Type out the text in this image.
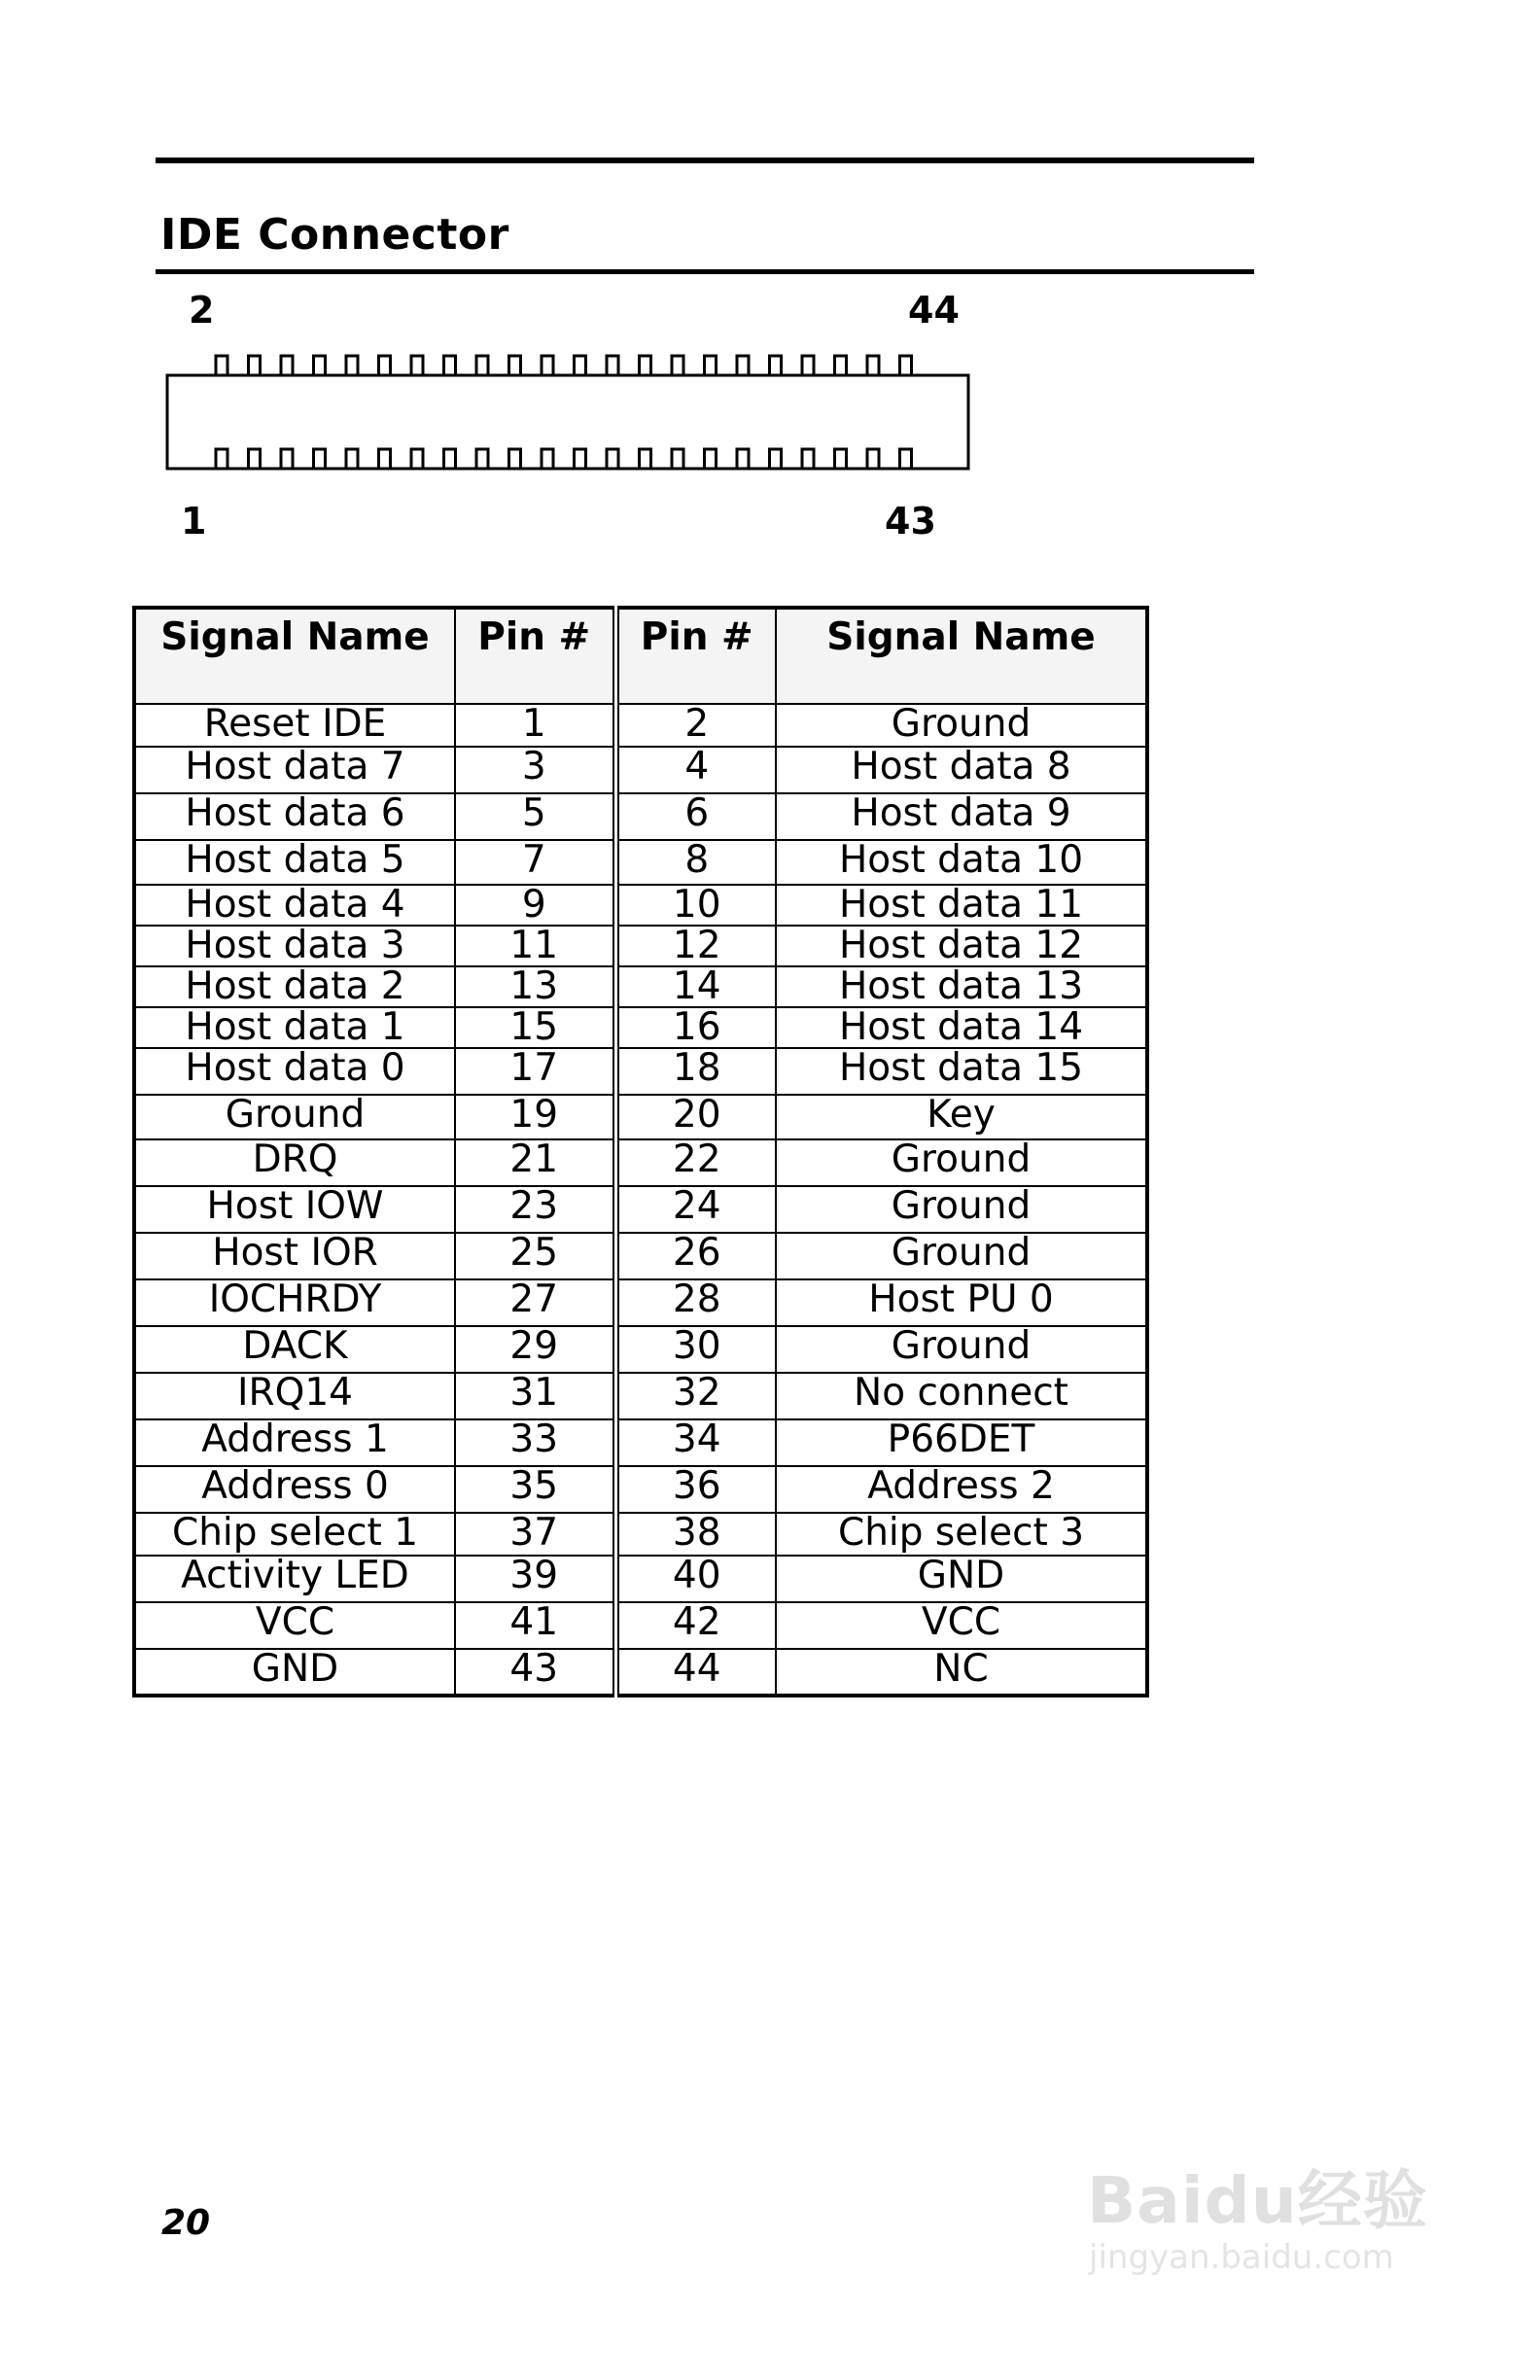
IDE Connector
2	44
1	43
Signal Name	Pin #	Pin #	Signal Name
Reset IDE	1	2	Ground
Host data 7	3	4	Host data 8
Host data 6	5	6	Host data 9
Host data 5	7	8	Host data 10
Host data 4	9	10	Host data 11
Host data 3	11	12	Host data 12
Host data 2	13	14	Host data 13
Host data 1	15	16	Host data 14
Host data 0	17	18	Host data 15
Ground	19	20	Key
DRQ	21	22	Ground
Host IOW	23	24	Ground
Host IOR	25	26	Ground
IOCHRDY	27	28	Host PU 0
DACK	29	30	Ground
IRQ14	31	32	No connect
Address 1	33	34	P66DET
Address 0	35	36	Address 2
Chip select 1	37	38	Chip select 3
Activity LED	39	40	GND
VCC	41	42	VCC
GND	43	44	NC
20	Baidu经验
jingyan.baidu.com
